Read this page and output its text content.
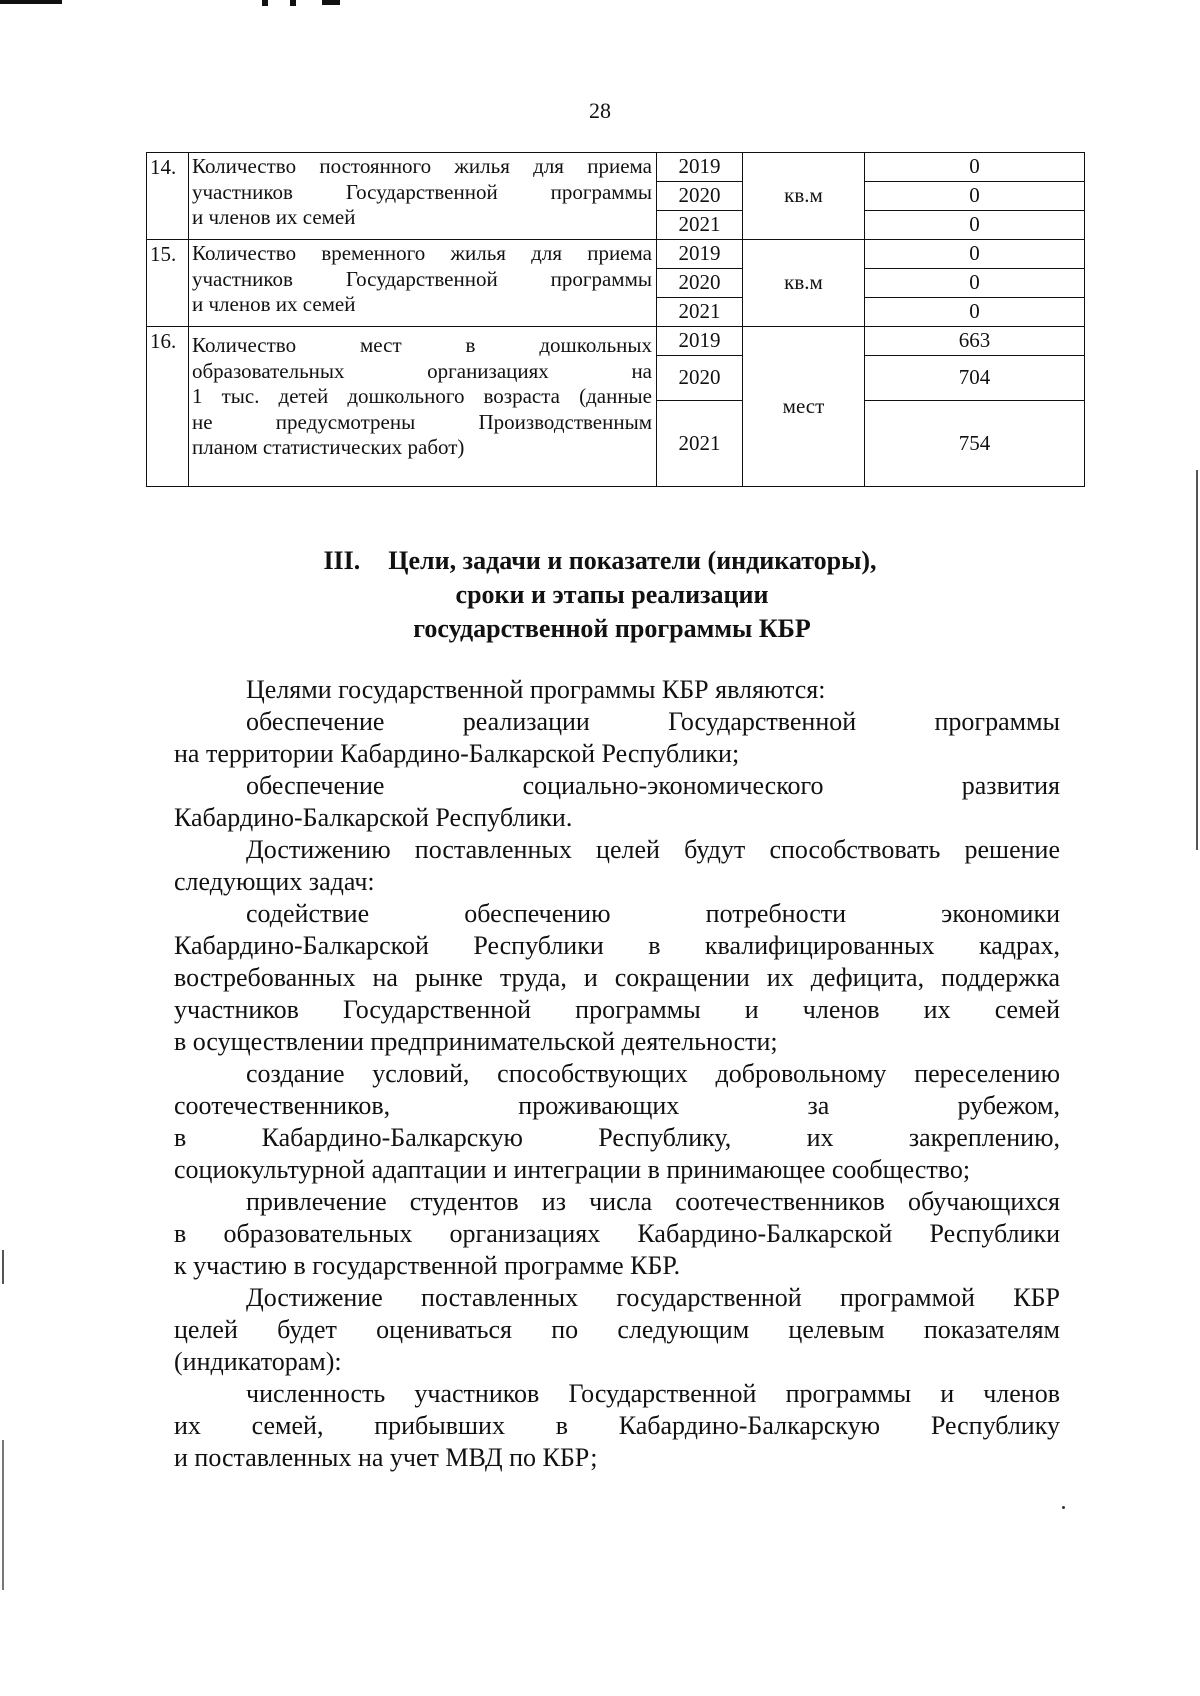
28
14.	Количество постоянного жилья для приема
участников Государственной программы
и членов их семей	2019	кв.м	0
		2020		0
		2021		0
15.	Количество временного жилья для приема
участников Государственной программы
и членов их семей	2019	кв.м	0
		2020		0
		2021		0
16.	Количество мест в дошкольных
образовательных организациях на
1 тыс. детей дошкольного возраста (данные
не предусмотрены Производственным
планом статистических работ)	2019	мест	663
		2020		704
		2021		754
III. Цели, задачи и показатели (индикаторы),
сроки и этапы реализации
государственной программы КБР
Целями государственной программы КБР являются:
обеспечение реализации Государственной программы
на территории Кабардино-Балкарской Республики;
обеспечение социально-экономического развития
Кабардино-Балкарской Республики.
Достижению поставленных целей будут способствовать решение
следующих задач:
содействие обеспечению потребности экономики
Кабардино-Балкарской Республики в квалифицированных кадрах,
востребованных на рынке труда, и сокращении их дефицита, поддержка
участников Государственной программы и членов их семей
в осуществлении предпринимательской деятельности;
создание условий, способствующих добровольному переселению
соотечественников, проживающих за рубежом,
в Кабардино-Балкарскую Республику, их закреплению,
социокультурной адаптации и интеграции в принимающее сообщество;
привлечение студентов из числа соотечественников обучающихся
в образовательных организациях Кабардино-Балкарской Республики
к участию в государственной программе КБР.
Достижение поставленных государственной программой КБР
целей будет оцениваться по следующим целевым показателям
(индикаторам):
численность участников Государственной программы и членов
их семей, прибывших в Кабардино-Балкарскую Республику
и поставленных на учет МВД по КБР;
